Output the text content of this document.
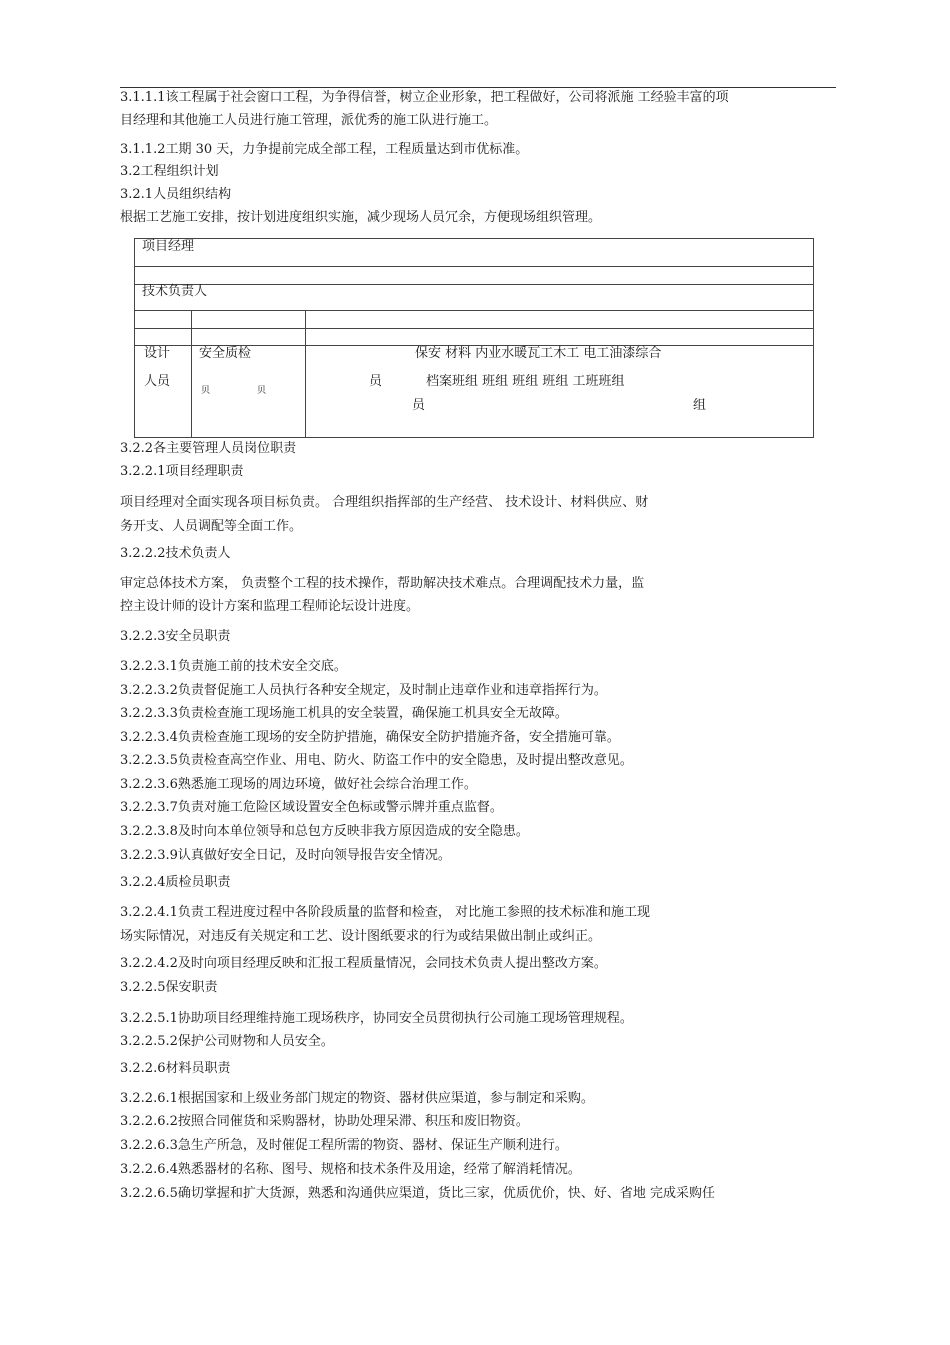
3.1.1.1该工程属于社会窗口工程，为争得信誉，树立企业形象，把工程做好，公司将派施 工经验丰富的项
目经理和其他施工人员进行施工管理，派优秀的施工队进行施工。
3.1.1.2工期 30 天，力争提前完成全部工程，工程质量达到市优标准。
3.2工程组织计划
3.2.1人员组织结构
根据工艺施工安排，按计划进度组织实施，减少现场人员冗余，方便现场组织管理。
项目经理
技术负责人
设计
人员
安全质检
贝	贝
保安 材料 内业水暖瓦工木工 电工油漆综合
员	档案班组 班组 班组 班组 工班班组
员	组
3.2.2各主要管理人员岗位职责
3.2.2.1项目经理职责
项目经理对全面实现各项目标负责。 合理组织指挥部的生产经营、 技术设计、材料供应、财
务开支、人员调配等全面工作。
3.2.2.2技术负责人
审定总体技术方案， 负责整个工程的技术操作，帮助解决技术难点。合理调配技术力量，监
控主设计师的设计方案和监理工程师论坛设计进度。
3.2.2.3安全员职责
3.2.2.3.1负责施工前的技术安全交底。
3.2.2.3.2负责督促施工人员执行各种安全规定，及时制止违章作业和违章指挥行为。
3.2.2.3.3负责检查施工现场施工机具的安全装置，确保施工机具安全无故障。
3.2.2.3.4负责检查施工现场的安全防护措施，确保安全防护措施齐备，安全措施可靠。
3.2.2.3.5负责检查高空作业、用电、防火、防盗工作中的安全隐患，及时提出整改意见。
3.2.2.3.6熟悉施工现场的周边环境，做好社会综合治理工作。
3.2.2.3.7负责对施工危险区域设置安全色标或警示牌并重点监督。
3.2.2.3.8及时向本单位领导和总包方反映非我方原因造成的安全隐患。
3.2.2.3.9认真做好安全日记，及时向领导报告安全情况。
3.2.2.4质检员职责
3.2.2.4.1负责工程进度过程中各阶段质量的监督和检查， 对比施工参照的技术标准和施工现
场实际情况，对违反有关规定和工艺、设计图纸要求的行为或结果做出制止或纠正。
3.2.2.4.2及时向项目经理反映和汇报工程质量情况，会同技术负责人提出整改方案。
3.2.2.5保安职责
3.2.2.5.1协助项目经理维持施工现场秩序，协同安全员贯彻执行公司施工现场管理规程。
3.2.2.5.2保护公司财物和人员安全。
3.2.2.6材料员职责
3.2.2.6.1根据国家和上级业务部门规定的物资、器材供应渠道，参与制定和采购。
3.2.2.6.2按照合同催货和采购器材，协助处理呆滞、积压和废旧物资。
3.2.2.6.3急生产所急，及时催促工程所需的物资、器材、保证生产顺利进行。
3.2.2.6.4熟悉器材的名称、图号、规格和技术条件及用途，经常了解消耗情况。
3.2.2.6.5确切掌握和扩大货源，熟悉和沟通供应渠道，货比三家，优质优价，快、好、省地 完成采购任
